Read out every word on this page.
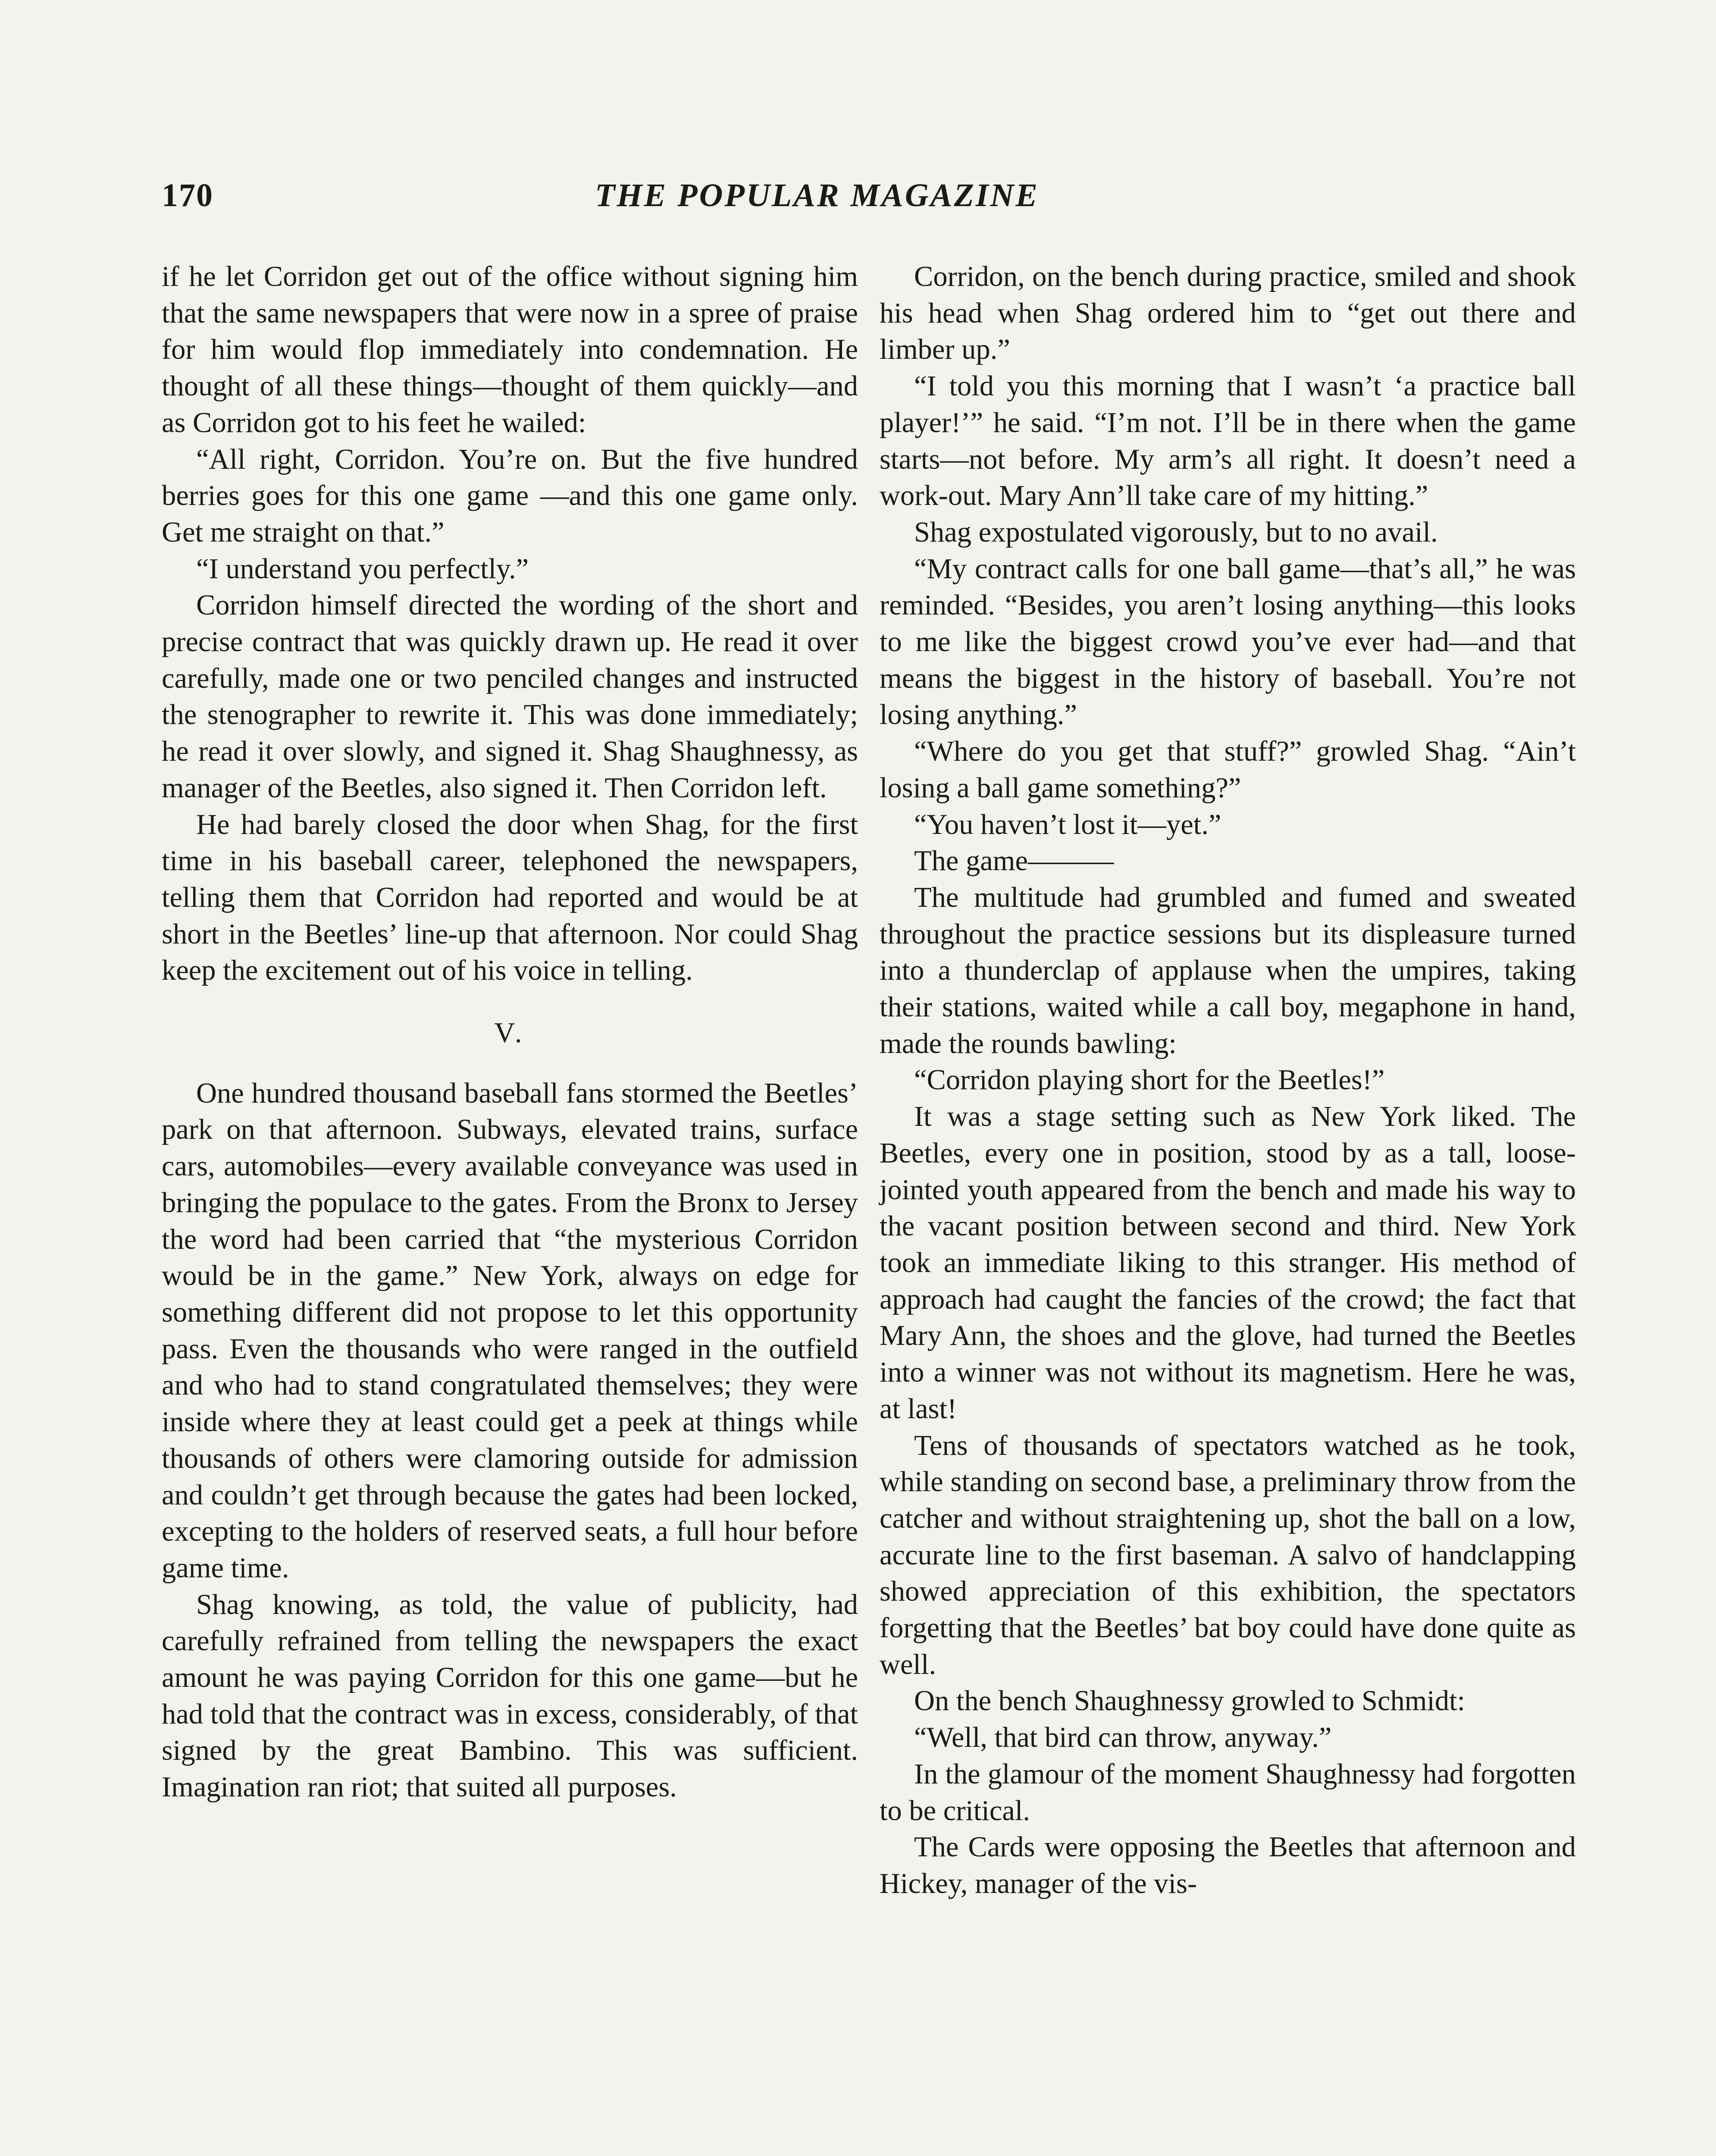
170	THE POPULAR MAGAZINE

if he let Corridon get out of the office without signing him that the same newspapers that were now in a spree of praise for him would flop immediately into condemnation. He thought of all these things—thought of them quickly—and as Corridon got to his feet he wailed:

“All right, Corridon. You’re on. But the five hundred berries goes for this one game —and this one game only. Get me straight on that.”

“I understand you perfectly.”

Corridon himself directed the wording of the short and precise contract that was quickly drawn up. He read it over carefully, made one or two penciled changes and instructed the stenographer to rewrite it. This was done immediately; he read it over slowly, and signed it. Shag Shaughnessy, as manager of the Beetles, also signed it. Then Corridon left.

He had barely closed the door when Shag, for the first time in his baseball career, telephoned the newspapers, telling them that Corridon had reported and would be at short in the Beetles’ line-up that afternoon. Nor could Shag keep the excitement out of his voice in telling.

V.

One hundred thousand baseball fans stormed the Beetles’ park on that afternoon. Subways, elevated trains, surface cars, automobiles—every available conveyance was used in bringing the populace to the gates. From the Bronx to Jersey the word had been carried that “the mysterious Corridon would be in the game.” New York, always on edge for something different did not propose to let this opportunity pass. Even the thousands who were ranged in the outfield and who had to stand congratulated themselves; they were inside where they at least could get a peek at things while thousands of others were clamoring outside for admission and couldn’t get through because the gates had been locked, excepting to the holders of reserved seats, a full hour before game time.

Shag knowing, as told, the value of publicity, had carefully refrained from telling the newspapers the exact amount he was paying Corridon for this one game—but he had told that the contract was in excess, considerably, of that signed by the great Bambino. This was sufficient. Imagination ran riot; that suited all purposes.

Corridon, on the bench during practice, smiled and shook his head when Shag ordered him to “get out there and limber up.”

“I told you this morning that I wasn’t ‘a practice ball player!’” he said. “I’m not. I’ll be in there when the game starts—not before. My arm’s all right. It doesn’t need a work-out. Mary Ann’ll take care of my hitting.”

Shag expostulated vigorously, but to no avail.

“My contract calls for one ball game—that’s all,” he was reminded. “Besides, you aren’t losing anything—this looks to me like the biggest crowd you’ve ever had—and that means the biggest in the history of baseball. You’re not losing anything.”

“Where do you get that stuff?” growled Shag. “Ain’t losing a ball game something?”

“You haven’t lost it—yet.”

The game———

The multitude had grumbled and fumed and sweated throughout the practice sessions but its displeasure turned into a thunderclap of applause when the umpires, taking their stations, waited while a call boy, megaphone in hand, made the rounds bawling:

“Corridon playing short for the Beetles!”

It was a stage setting such as New York liked. The Beetles, every one in position, stood by as a tall, loose-jointed youth appeared from the bench and made his way to the vacant position between second and third. New York took an immediate liking to this stranger. His method of approach had caught the fancies of the crowd; the fact that Mary Ann, the shoes and the glove, had turned the Beetles into a winner was not without its magnetism. Here he was, at last!

Tens of thousands of spectators watched as he took, while standing on second base, a preliminary throw from the catcher and without straightening up, shot the ball on a low, accurate line to the first baseman. A salvo of handclapping showed appreciation of this exhibition, the spectators forgetting that the Beetles’ bat boy could have done quite as well.

On the bench Shaughnessy growled to Schmidt:

“Well, that bird can throw, anyway.”

In the glamour of the moment Shaughnessy had forgotten to be critical.

The Cards were opposing the Beetles that afternoon and Hickey, manager of the vis-
